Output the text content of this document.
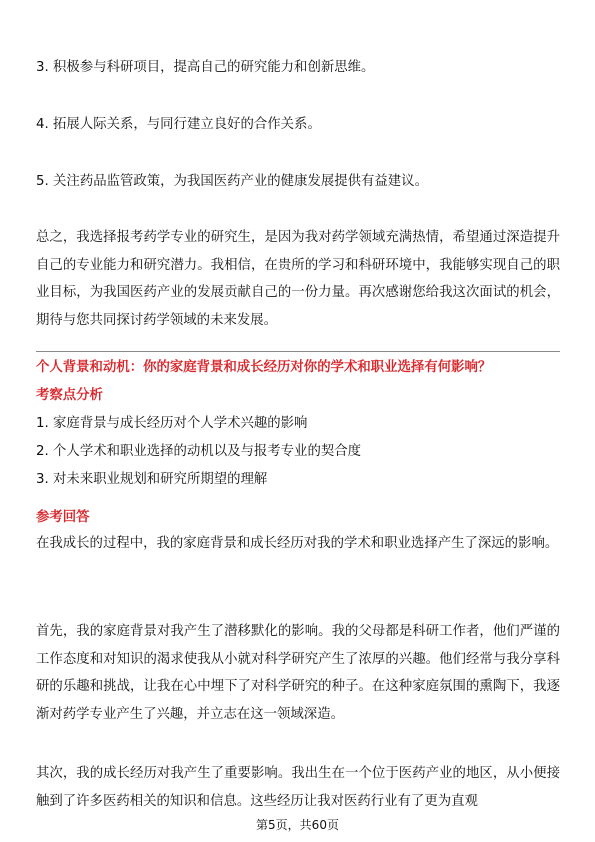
3. 积极参与科研项目，提高自己的研究能力和创新思维。

4. 拓展人际关系，与同行建立良好的合作关系。

5. 关注药品监管政策，为我国医药产业的健康发展提供有益建议。

总之，我选择报考药学专业的研究生，是因为我对药学领域充满热情，希望通过深造提升自己的专业能力和研究潜力。我相信，在贵所的学习和科研环境中，我能够实现自己的职业目标，为我国医药产业的发展贡献自己的一份力量。再次感谢您给我这次面试的机会，期待与您共同探讨药学领域的未来发展。

个人背景和动机：你的家庭背景和成长经历对你的学术和职业选择有何影响？
考察点分析

1. 家庭背景与成长经历对个人学术兴趣的影响

2. 个人学术和职业选择的动机以及与报考专业的契合度

3. 对未来职业规划和研究所期望的理解

参考回答

在我成长的过程中，我的家庭背景和成长经历对我的学术和职业选择产生了深远的影响。

首先，我的家庭背景对我产生了潜移默化的影响。我的父母都是科研工作者，他们严谨的工作态度和对知识的渴求使我从小就对科学研究产生了浓厚的兴趣。他们经常与我分享科研的乐趣和挑战，让我在心中埋下了对科学研究的种子。在这种家庭氛围的熏陶下，我逐渐对药学专业产生了兴趣，并立志在这一领域深造。

其次，我的成长经历对我产生了重要影响。我出生在一个位于医药产业的地区，从小便接触到了许多医药相关的知识和信息。这些经历让我对医药行业有了更为直观

第5页，共60页
